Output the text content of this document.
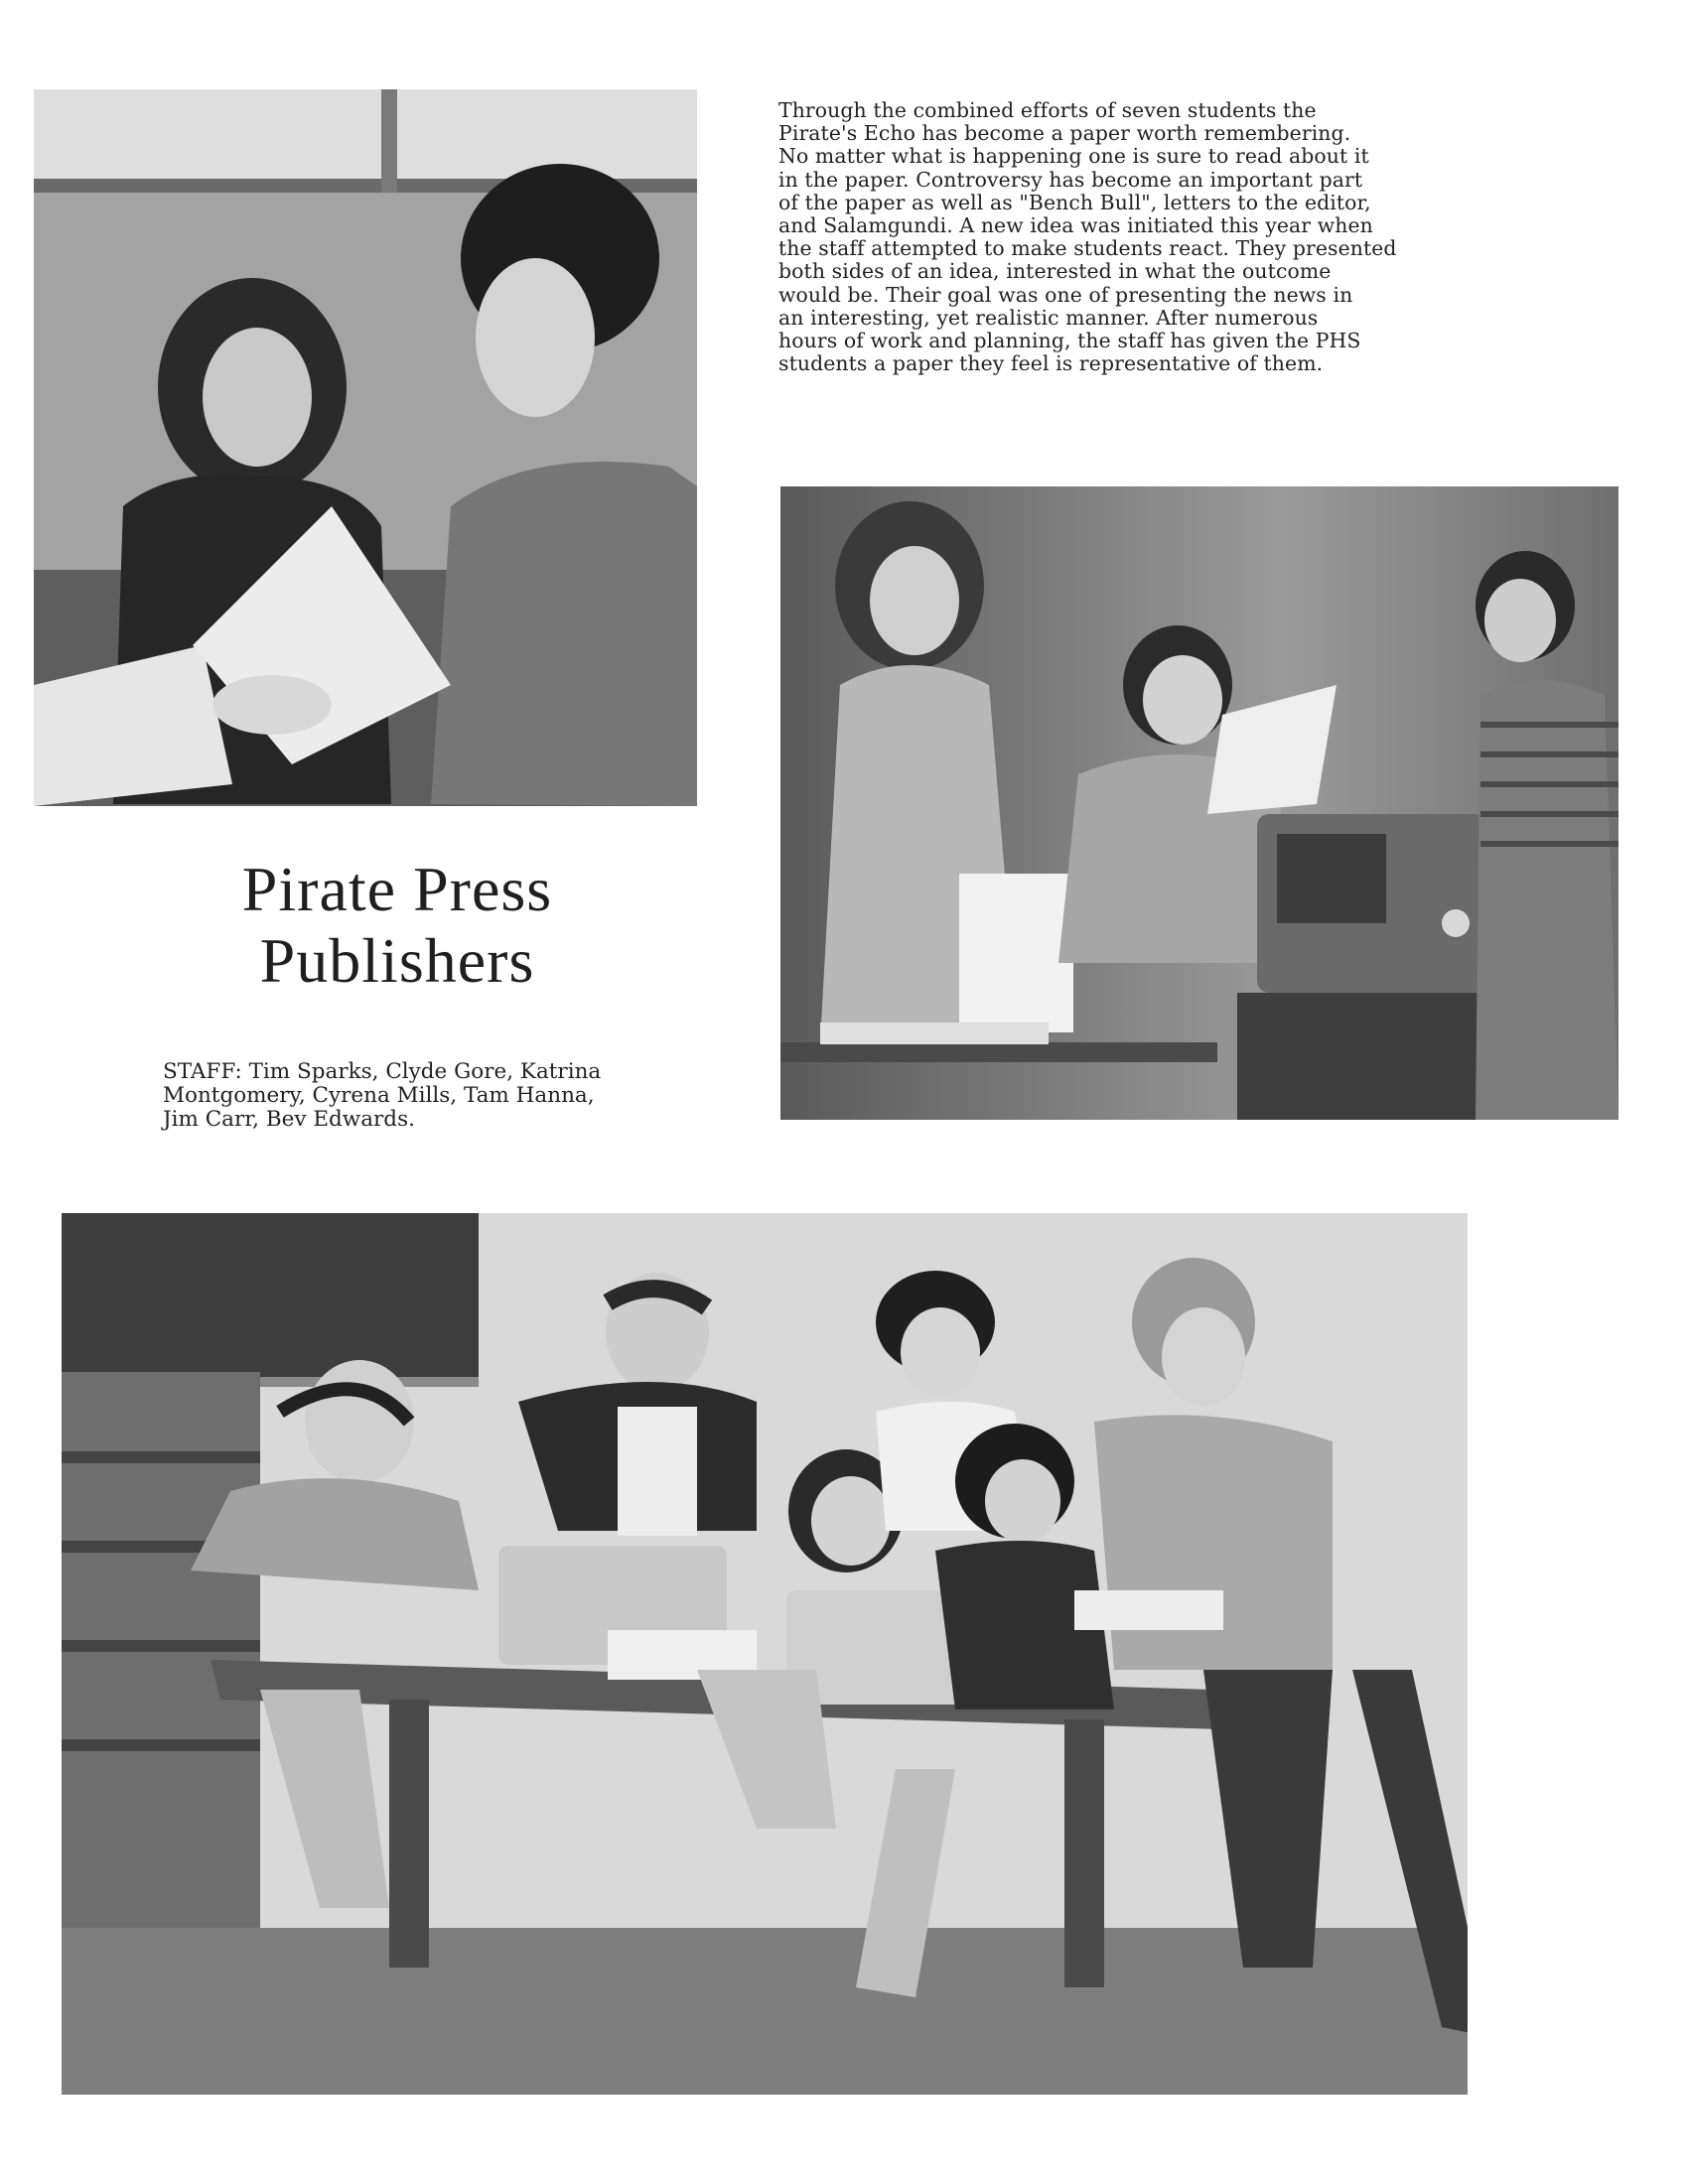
Through the combined efforts of seven students the
Pirate's Echo has become a paper worth remembering.
No matter what is happening one is sure to read about it
in the paper. Controversy has become an important part
of the paper as well as "Bench Bull", letters to the editor,
and Salamgundi. A new idea was initiated this year when
the staff attempted to make students react. They presented
both sides of an idea, interested in what the outcome
would be. Their goal was one of presenting the news in
an interesting, yet realistic manner. After numerous
hours of work and planning, the staff has given the PHS
students a paper they feel is representative of them.
Pirate Press
Publishers
STAFF: Tim Sparks, Clyde Gore, Katrina
Montgomery, Cyrena Mills, Tam Hanna,
Jim Carr, Bev Edwards.
